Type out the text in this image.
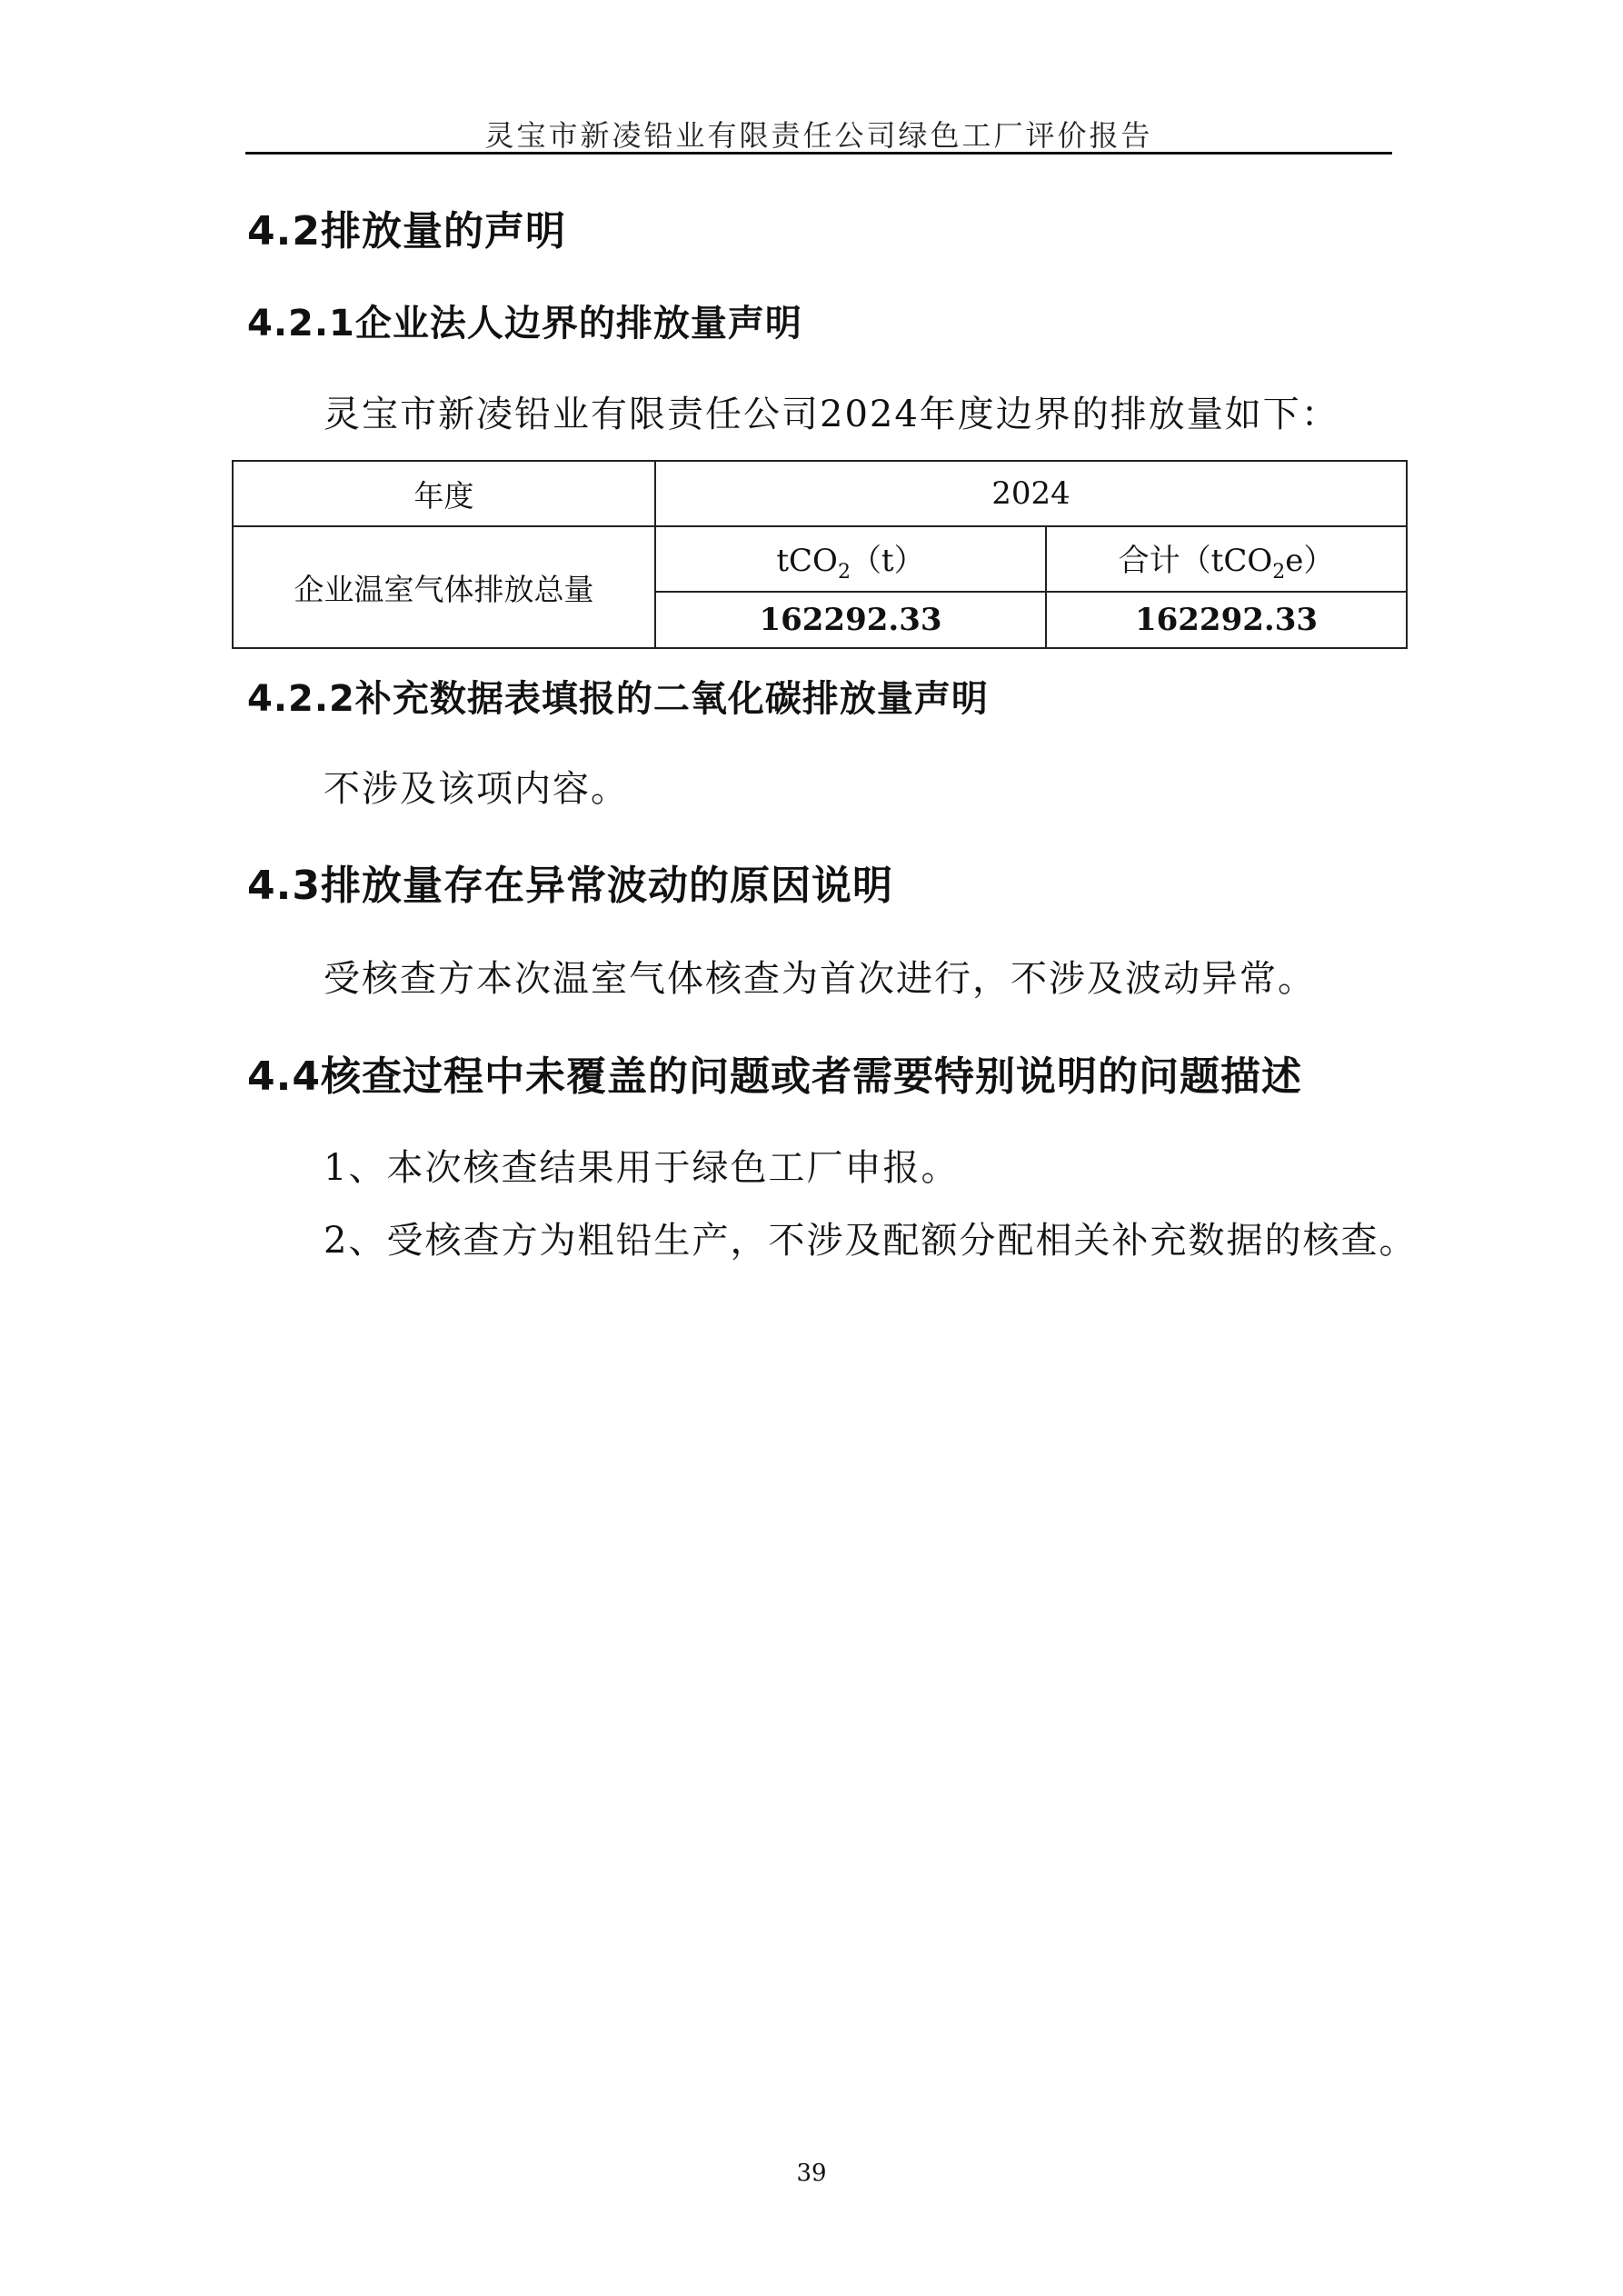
灵宝市新凌铅业有限责任公司绿色工厂评价报告
4.2排放量的声明
4.2.1企业法人边界的排放量声明
灵宝市新凌铅业有限责任公司2024年度边界的排放量如下：
年度	2024	
企业温室气体排放总量	tCO$_2$（t）	合计（tCO$_2$e）
	162292.33	162292.33
4.2.2补充数据表填报的二氧化碳排放量声明
不涉及该项内容。
4.3排放量存在异常波动的原因说明
受核查方本次温室气体核查为首次进行，不涉及波动异常。
4.4核查过程中未覆盖的问题或者需要特别说明的问题描述
1、本次核查结果用于绿色工厂申报。
2、受核查方为粗铅生产，不涉及配额分配相关补充数据的核查。
39
